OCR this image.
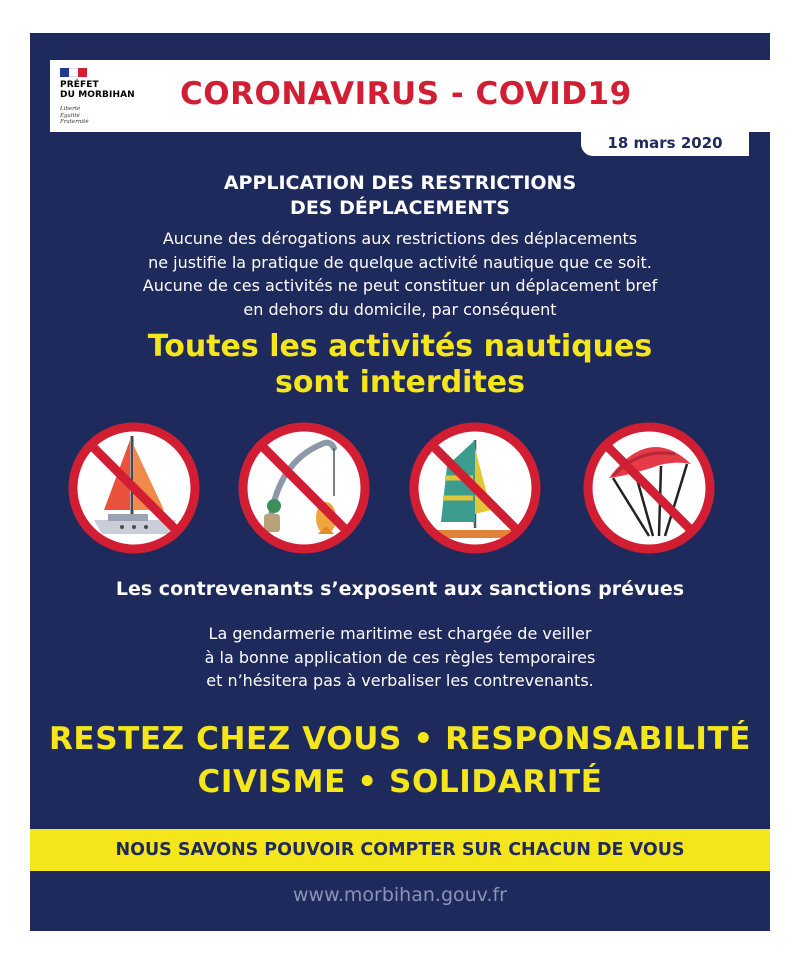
PRÉFET
DU MORBIHAN
Liberté
Égalité
Fraternité
CORONAVIRUS - COVID19
18 mars 2020
APPLICATION DES RESTRICTIONS
DES DÉPLACEMENTS
Aucune des dérogations aux restrictions des déplacements
ne justifie la pratique de quelque activité nautique que ce soit.
Aucune de ces activités ne peut constituer un déplacement bref
en dehors du domicile, par conséquent
Toutes les activités nautiques
sont interdites
Les contrevenants s’exposent aux sanctions prévues
La gendarmerie maritime est chargée de veiller
à la bonne application de ces règles temporaires
et n’hésitera pas à verbaliser les contrevenants.
RESTEZ CHEZ VOUS • RESPONSABILITÉ
CIVISME • SOLIDARITÉ
NOUS SAVONS POUVOIR COMPTER SUR CHACUN DE VOUS
www.morbihan.gouv.fr
